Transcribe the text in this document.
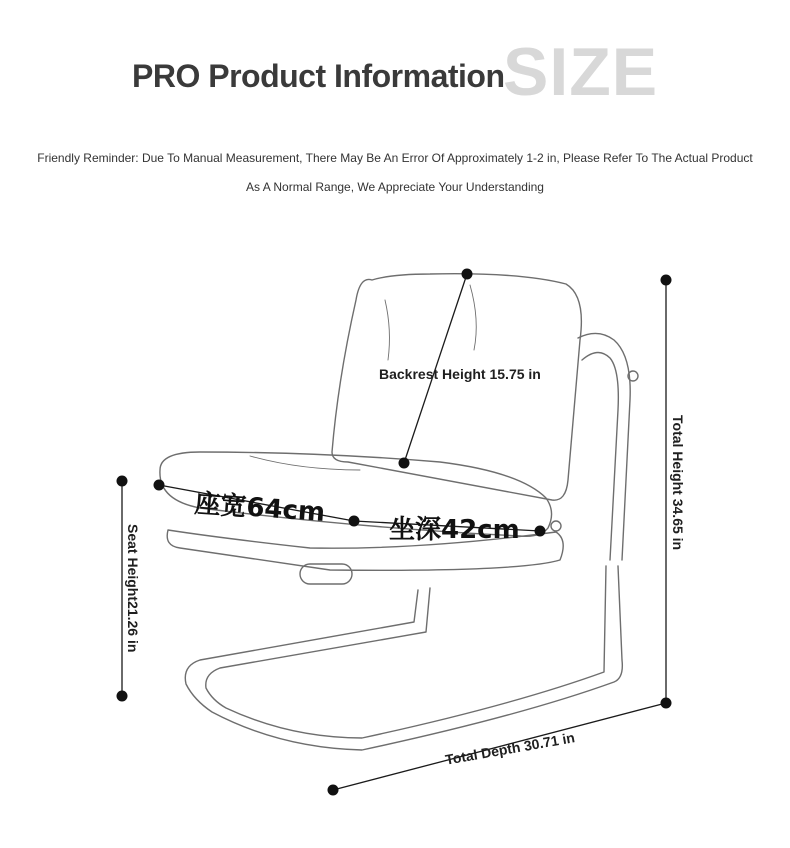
PRO Product Information
SIZE
Friendly Reminder: Due To Manual Measurement, There May Be An Error Of Approximately 1-2 in, Please Refer To The Actual Product
As A Normal Range, We Appreciate Your Understanding
Backrest Height 15.75 in
Total Height 34.65 in
Seat Height21.26 in
Total Depth 30.71 in
座宽64cm
坐深42cm
